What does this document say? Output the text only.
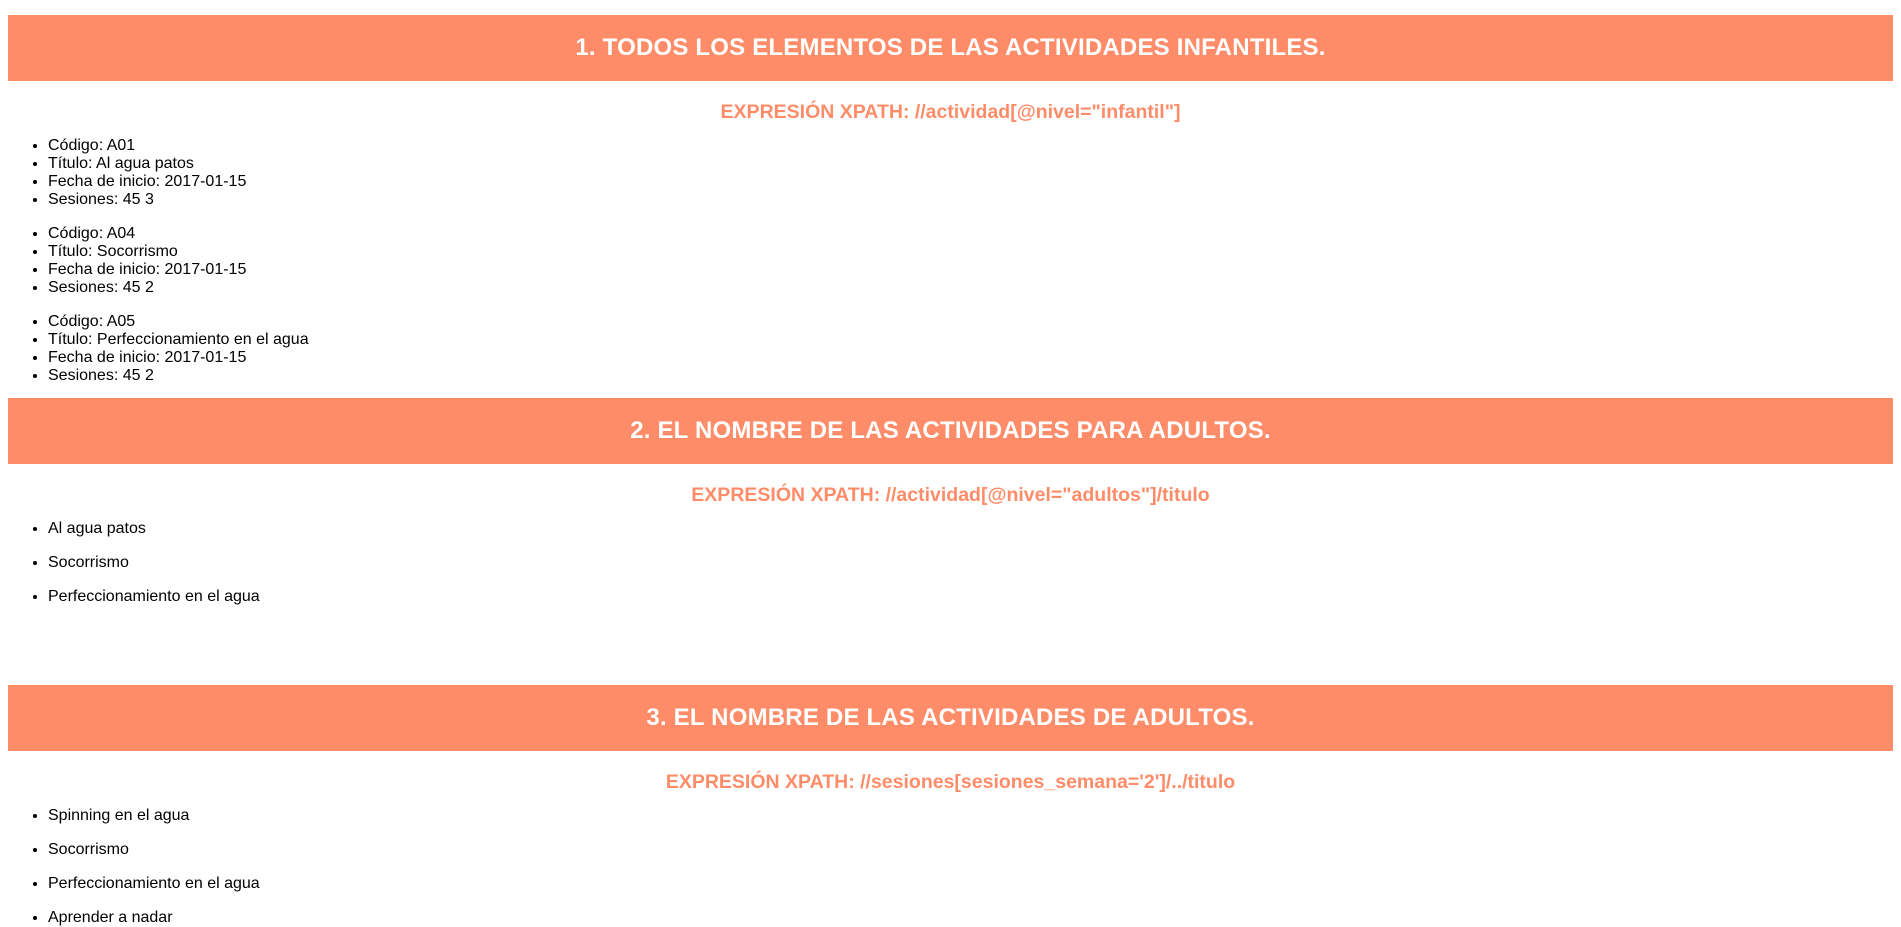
1. TODOS LOS ELEMENTOS DE LAS ACTIVIDADES INFANTILES.
EXPRESIÓN XPATH: //actividad[@nivel="infantil"]
• Código: A01
• Título: Al agua patos
• Fecha de inicio: 2017-01-15
• Sesiones: 45 3
• Código: A04
• Título: Socorrismo
• Fecha de inicio: 2017-01-15
• Sesiones: 45 2
• Código: A05
• Título: Perfeccionamiento en el agua
• Fecha de inicio: 2017-01-15
• Sesiones: 45 2
2. EL NOMBRE DE LAS ACTIVIDADES PARA ADULTOS.
EXPRESIÓN XPATH: //actividad[@nivel="adultos"]/titulo
• Al agua patos
• Socorrismo
• Perfeccionamiento en el agua
3. EL NOMBRE DE LAS ACTIVIDADES DE ADULTOS.
EXPRESIÓN XPATH: //sesiones[sesiones_semana='2']/../titulo
• Spinning en el agua
• Socorrismo
• Perfeccionamiento en el agua
• Aprender a nadar
